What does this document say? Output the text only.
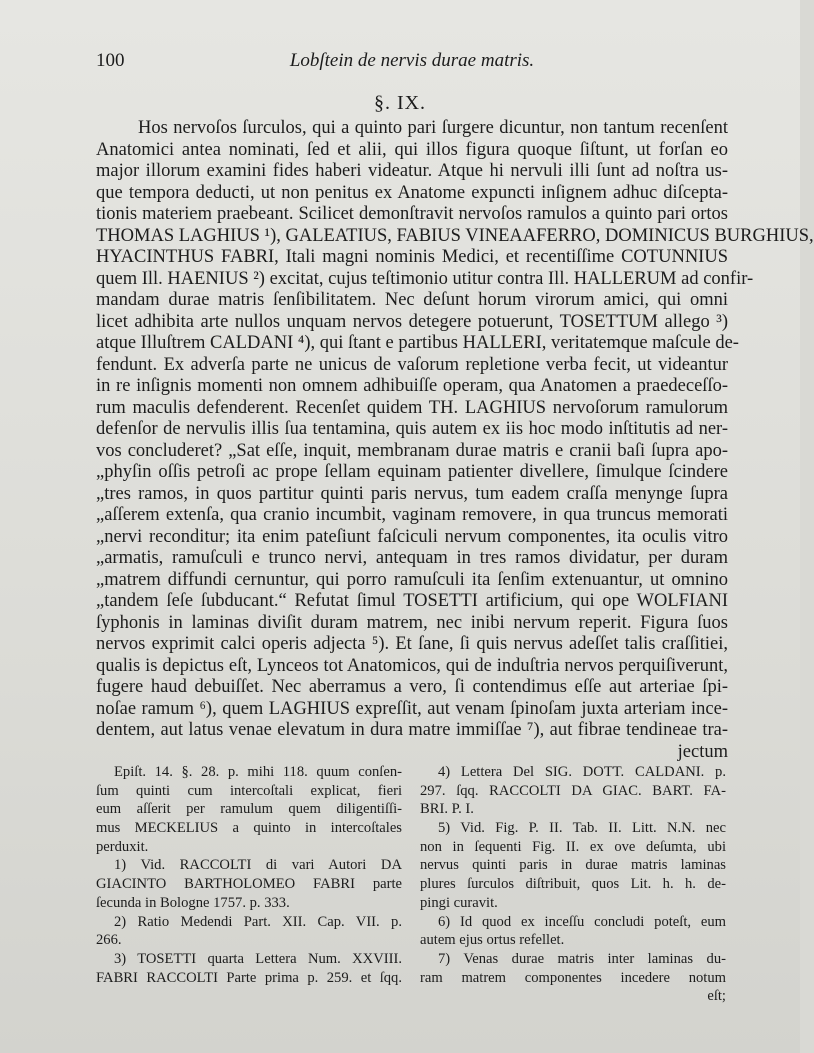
100	Lobſtein de nervis durae matris.
§. IX.
Hos nervoſos ſurculos, qui a quinto pari ſurgere dicuntur, non tantum recenſent
Anatomici antea nominati, ſed et alii, qui illos figura quoque ſiſtunt, ut forſan eo
major illorum examini fides haberi videatur. Atque hi nervuli illi ſunt ad noſtra us-
que tempora deducti, ut non penitus ex Anatome expuncti inſignem adhuc diſcepta-
tionis materiem praebeant. Scilicet demonſtravit nervoſos ramulos a quinto pari ortos
THOMAS LAGHIUS ¹), GALEATIUS, FABIUS VINEAAFERRO, DOMINICUS BURGHIUS,
HYACINTHUS FABRI, Itali magni nominis Medici, et recentiſſime COTUNNIUS
quem Ill. HAENIUS ²) excitat, cujus teſtimonio utitur contra Ill. HALLERUM ad confir-
mandam durae matris ſenſibilitatem. Nec deſunt horum virorum amici, qui omni
licet adhibita arte nullos unquam nervos detegere potuerunt, TOSETTUM allego ³)
atque Illuſtrem CALDANI ⁴), qui ſtant e partibus HALLERI, veritatemque maſcule de-
fendunt. Ex adverſa parte ne unicus de vaſorum repletione verba fecit, ut videantur
in re inſignis momenti non omnem adhibuiſſe operam, qua Anatomen a praedeceſſo-
rum maculis defenderent. Recenſet quidem TH. LAGHIUS nervoſorum ramulorum
defenſor de nervulis illis ſua tentamina, quis autem ex iis hoc modo inſtitutis ad ner-
vos concluderet? „Sat eſſe, inquit, membranam durae matris e cranii baſi ſupra apo-
„phyſin oſſis petroſi ac prope ſellam equinam patienter divellere, ſimulque ſcindere
„tres ramos, in quos partitur quinti paris nervus, tum eadem craſſa menynge ſupra
„aſſerem extenſa, qua cranio incumbit, vaginam removere, in qua truncus memorati
„nervi reconditur; ita enim pateſiunt faſciculi nervum componentes, ita oculis vitro
„armatis, ramuſculi e trunco nervi, antequam in tres ramos dividatur, per duram
„matrem diffundi cernuntur, qui porro ramuſculi ita ſenſim extenuantur, ut omnino
„tandem ſeſe ſubducant.“ Refutat ſimul TOSETTI artificium, qui ope WOLFIANI
ſyphonis in laminas diviſit duram matrem, nec inibi nervum reperit. Figura ſuos
nervos exprimit calci operis adjecta ⁵). Et ſane, ſi quis nervus adeſſet talis craſſitiei,
qualis is depictus eſt, Lynceos tot Anatomicos, qui de induſtria nervos perquiſiverunt,
fugere haud debuiſſet. Nec aberramus a vero, ſi contendimus eſſe aut arteriae ſpi-
noſae ramum ⁶), quem LAGHIUS expreſſit, aut venam ſpinoſam juxta arteriam ince-
dentem, aut latus venae elevatum in dura matre immiſſae ⁷), aut fibrae tendineae tra-
jectum
Epiſt. 14. §. 28. p. mihi 118. quum conſen-
ſum quinti cum intercoſtali explicat, fieri
eum aſſerit per ramulum quem diligentiſſi-
mus MECKELIUS a quinto in intercoſtales
perduxit.
1) Vid. RACCOLTI di vari Autori DA
GIACINTO BARTHOLOMEO FABRI parte
ſecunda in Bologne 1757. p. 333.
2) Ratio Medendi Part. XII. Cap. VII. p.
266.
3) TOSETTI quarta Lettera Num. XXVIII.
FABRI RACCOLTI Parte prima p. 259. et ſqq.
4) Lettera Del SIG. DOTT. CALDANI. p.
297. ſqq. RACCOLTI DA GIAC. BART. FA-
BRI. P. I.
5) Vid. Fig. P. II. Tab. II. Litt. N.N. nec
non in ſequenti Fig. II. ex ove deſumta, ubi
nervus quinti paris in durae matris laminas
plures ſurculos diſtribuit, quos Lit. h. h. de-
pingi curavit.
6) Id quod ex inceſſu concludi poteſt, eum
autem ejus ortus refellet.
7) Venas durae matris inter laminas du-
ram matrem componentes incedere notum
eſt;
